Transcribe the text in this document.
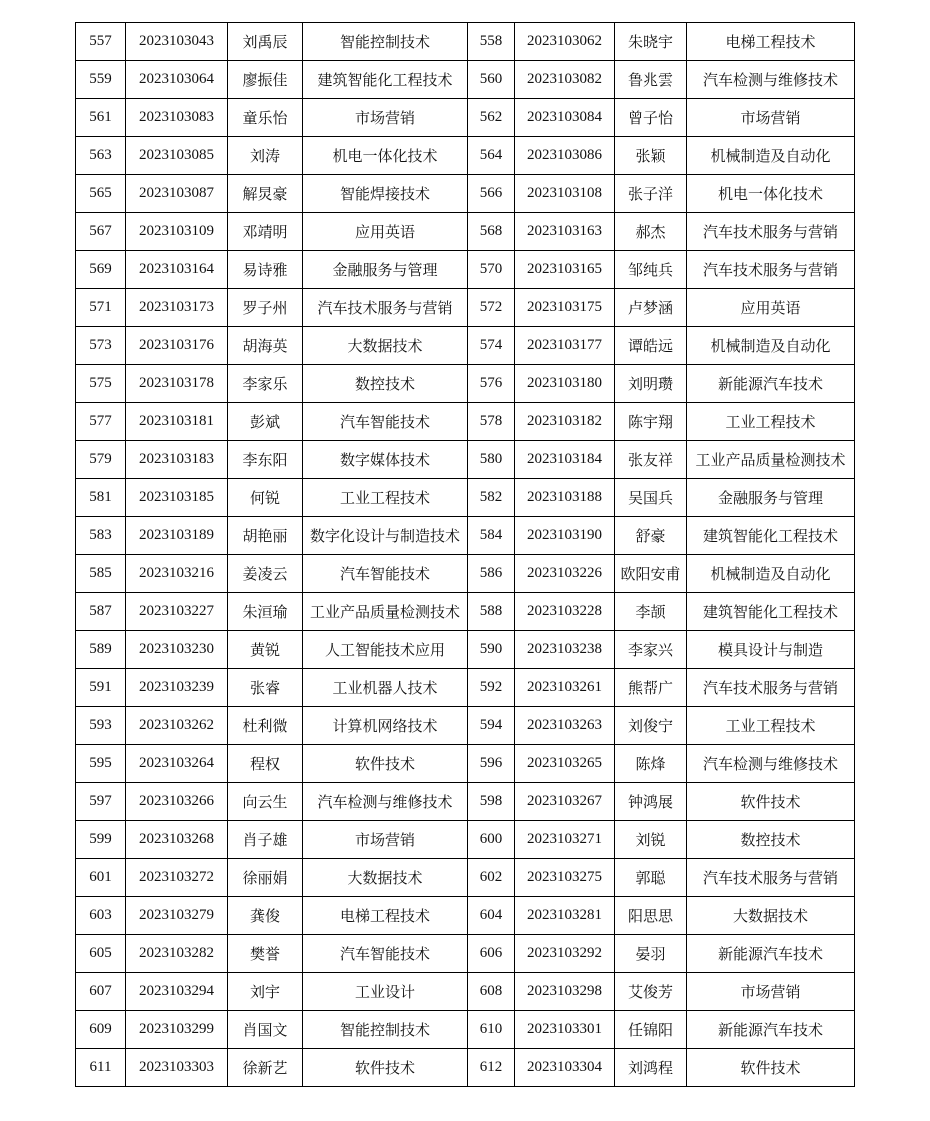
557	2023103043	刘禹辰	智能控制技术	558	2023103062	朱晓宇	电梯工程技术
559	2023103064	廖振佳	建筑智能化工程技术	560	2023103082	鲁兆雲	汽车检测与维修技术
561	2023103083	童乐怡	市场营销	562	2023103084	曾子怡	市场营销
563	2023103085	刘涛	机电一体化技术	564	2023103086	张颖	机械制造及自动化
565	2023103087	解炅豪	智能焊接技术	566	2023103108	张子洋	机电一体化技术
567	2023103109	邓靖明	应用英语	568	2023103163	郝杰	汽车技术服务与营销
569	2023103164	易诗雅	金融服务与管理	570	2023103165	邹纯兵	汽车技术服务与营销
571	2023103173	罗子州	汽车技术服务与营销	572	2023103175	卢梦涵	应用英语
573	2023103176	胡海英	大数据技术	574	2023103177	谭皓远	机械制造及自动化
575	2023103178	李家乐	数控技术	576	2023103180	刘明瓒	新能源汽车技术
577	2023103181	彭斌	汽车智能技术	578	2023103182	陈宇翔	工业工程技术
579	2023103183	李东阳	数字媒体技术	580	2023103184	张友祥	工业产品质量检测技术
581	2023103185	何锐	工业工程技术	582	2023103188	吴国兵	金融服务与管理
583	2023103189	胡艳丽	数字化设计与制造技术	584	2023103190	舒豪	建筑智能化工程技术
585	2023103216	姜凌云	汽车智能技术	586	2023103226	欧阳安甫	机械制造及自动化
587	2023103227	朱洹瑜	工业产品质量检测技术	588	2023103228	李颉	建筑智能化工程技术
589	2023103230	黄锐	人工智能技术应用	590	2023103238	李家兴	模具设计与制造
591	2023103239	张睿	工业机器人技术	592	2023103261	熊帮广	汽车技术服务与营销
593	2023103262	杜利微	计算机网络技术	594	2023103263	刘俊宁	工业工程技术
595	2023103264	程权	软件技术	596	2023103265	陈烽	汽车检测与维修技术
597	2023103266	向云生	汽车检测与维修技术	598	2023103267	钟鸿展	软件技术
599	2023103268	肖子雄	市场营销	600	2023103271	刘锐	数控技术
601	2023103272	徐丽娟	大数据技术	602	2023103275	郭聪	汽车技术服务与营销
603	2023103279	龚俊	电梯工程技术	604	2023103281	阳思思	大数据技术
605	2023103282	樊誉	汽车智能技术	606	2023103292	晏羽	新能源汽车技术
607	2023103294	刘宇	工业设计	608	2023103298	艾俊芳	市场营销
609	2023103299	肖国文	智能控制技术	610	2023103301	任锦阳	新能源汽车技术
611	2023103303	徐新艺	软件技术	612	2023103304	刘鸿程	软件技术
